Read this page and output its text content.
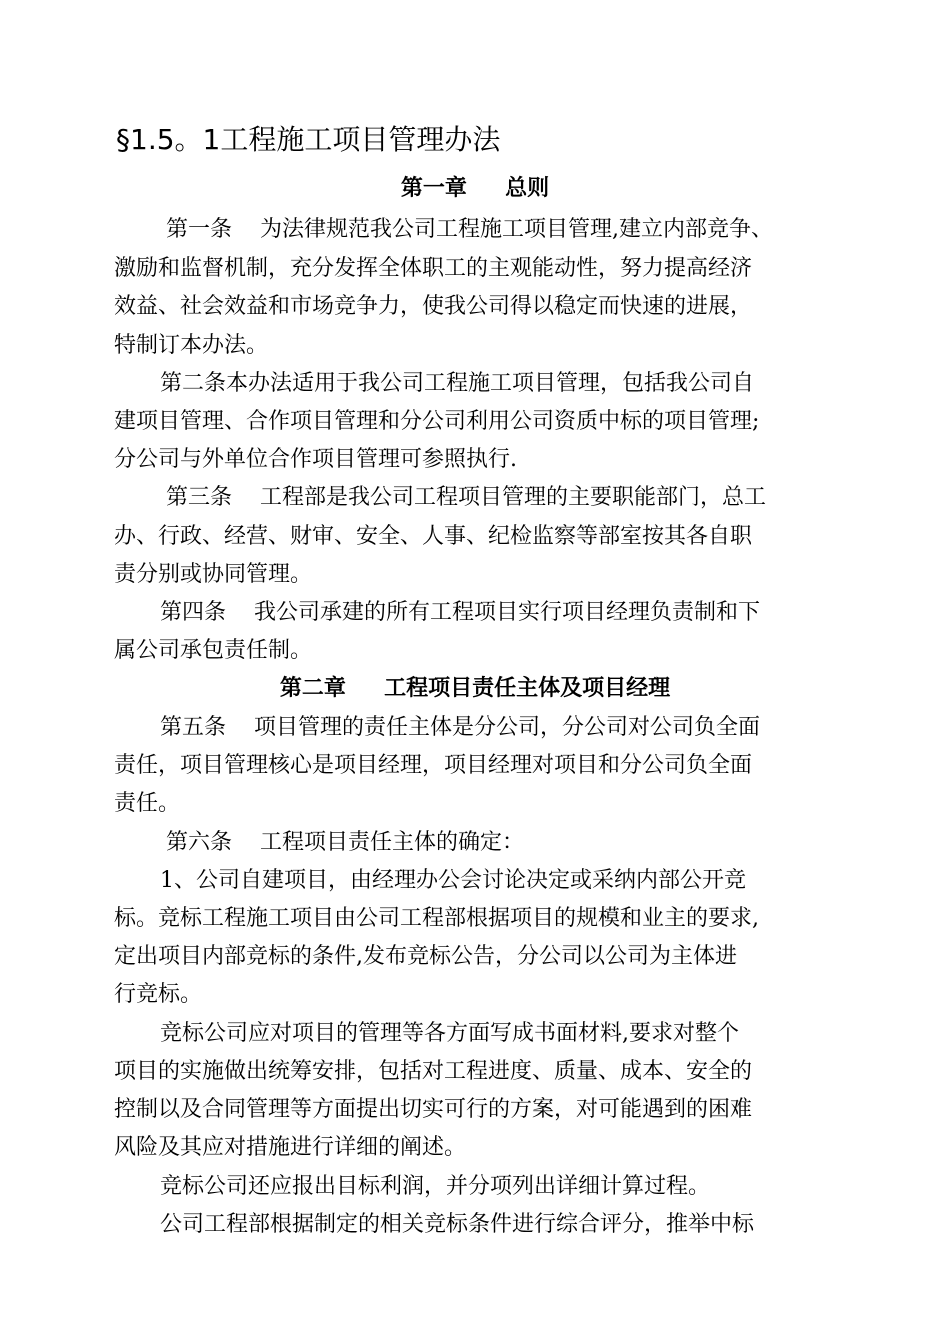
§1.5。1工程施工项目管理办法
第一章     总则
第一条    为法律规范我公司工程施工项目管理,建立内部竞争、
激励和监督机制，充分发挥全体职工的主观能动性，努力提高经济
效益、社会效益和市场竞争力，使我公司得以稳定而快速的进展，
特制订本办法。
第二条本办法适用于我公司工程施工项目管理，包括我公司自
建项目管理、合作项目管理和分公司利用公司资质中标的项目管理;
分公司与外单位合作项目管理可参照执行.
第三条    工程部是我公司工程项目管理的主要职能部门，总工
办、行政、经营、财审、安全、人事、纪检监察等部室按其各自职
责分别或协同管理。
第四条    我公司承建的所有工程项目实行项目经理负责制和下
属公司承包责任制。
第二章     工程项目责任主体及项目经理
第五条    项目管理的责任主体是分公司，分公司对公司负全面
责任，项目管理核心是项目经理，项目经理对项目和分公司负全面
责任。
第六条    工程项目责任主体的确定：
1、公司自建项目，由经理办公会讨论决定或采纳内部公开竞
标。竞标工程施工项目由公司工程部根据项目的规模和业主的要求,
定出项目内部竞标的条件,发布竞标公告，分公司以公司为主体进
行竞标。
竞标公司应对项目的管理等各方面写成书面材料,要求对整个
项目的实施做出统筹安排，包括对工程进度、质量、成本、安全的
控制以及合同管理等方面提出切实可行的方案，对可能遇到的困难
风险及其应对措施进行详细的阐述。
竞标公司还应报出目标利润，并分项列出详细计算过程。
公司工程部根据制定的相关竞标条件进行综合评分，推举中标
